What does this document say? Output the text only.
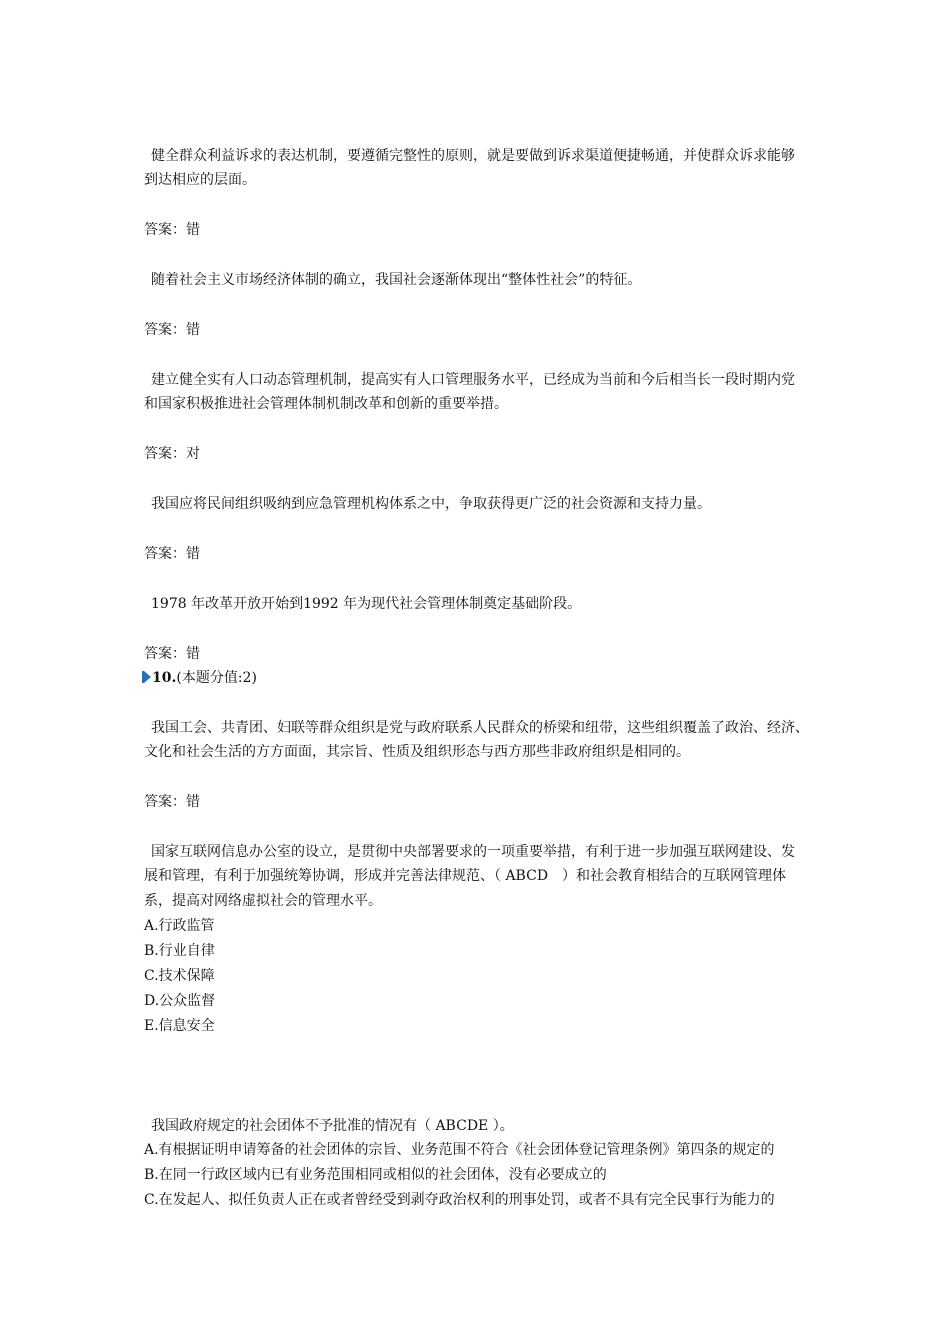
健全群众利益诉求的表达机制，要遵循完整性的原则，就是要做到诉求渠道便捷畅通，并使群众诉求能够

到达相应的层面。

答案：错

随着社会主义市场经济体制的确立，我国社会逐渐体现出“整体性社会”的特征。

答案：错

建立健全实有人口动态管理机制，提高实有人口管理服务水平，已经成为当前和今后相当长一段时期内党

和国家积极推进社会管理体制机制改革和创新的重要举措。

答案：对

我国应将民间组织吸纳到应急管理机构体系之中，争取获得更广泛的社会资源和支持力量。

答案：错

1978 年改革开放开始到1992 年为现代社会管理体制奠定基础阶段。

答案：错

10.(本题分值:2)

我国工会、共青团、妇联等群众组织是党与政府联系人民群众的桥梁和纽带，这些组织覆盖了政治、经济、

文化和社会生活的方方面面，其宗旨、性质及组织形态与西方那些非政府组织是相同的。

答案：错

国家互联网信息办公室的设立，是贯彻中央部署要求的一项重要举措，有利于进一步加强互联网建设、发

展和管理，有利于加强统筹协调，形成并完善法律规范、（ ABCD　）和社会教育相结合的互联网管理体

系，提高对网络虚拟社会的管理水平。

A.行政监管

B.行业自律

C.技术保障

D.公众监督

E.信息安全

我国政府规定的社会团体不予批准的情况有（ ABCDE ）。

A.有根据证明申请筹备的社会团体的宗旨、业务范围不符合《社会团体登记管理条例》第四条的规定的

B.在同一行政区域内已有业务范围相同或相似的社会团体，没有必要成立的

C.在发起人、拟任负责人正在或者曾经受到剥夺政治权利的刑事处罚，或者不具有完全民事行为能力的
